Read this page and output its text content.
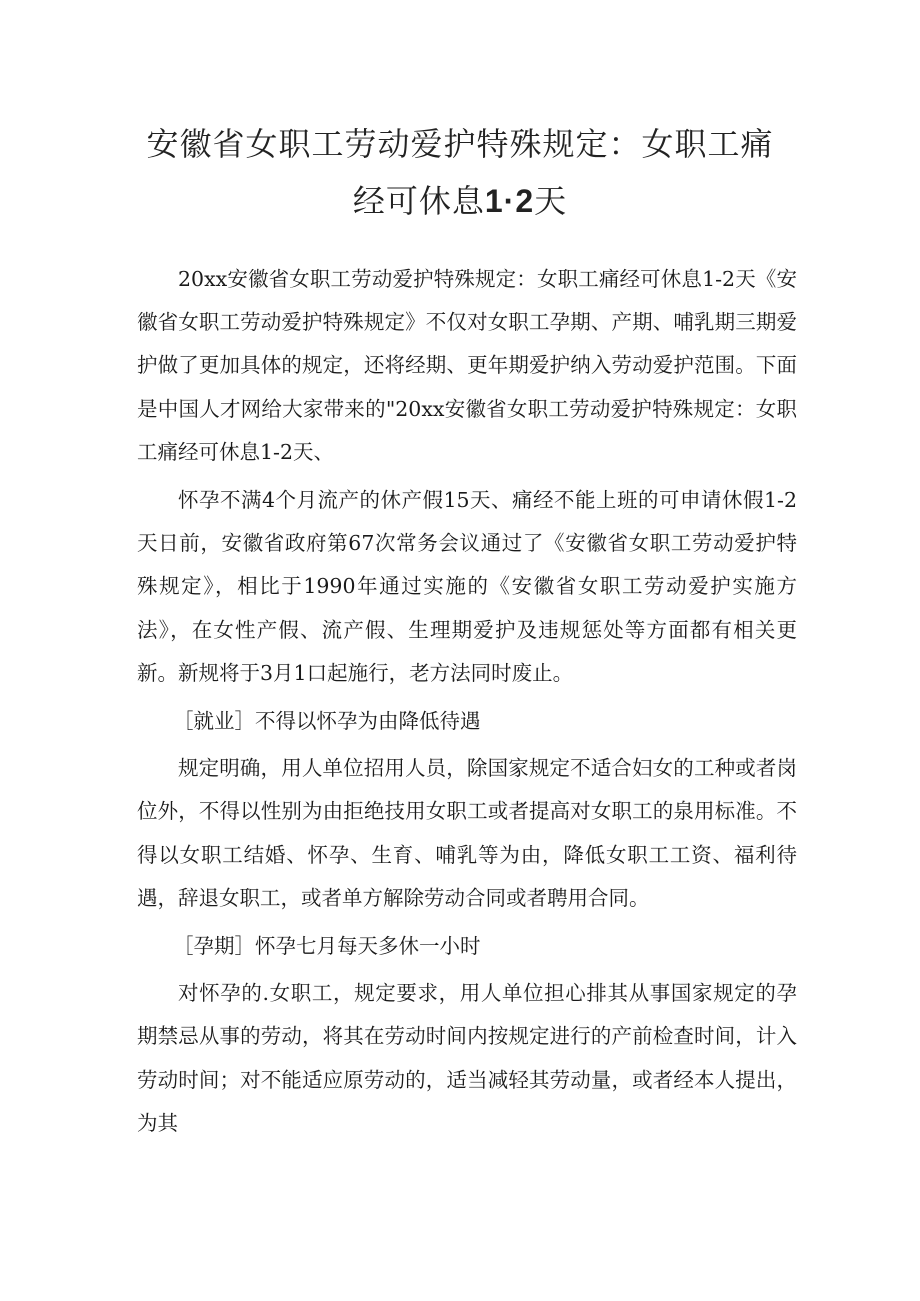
安徽省女职工劳动爱护特殊规定：女职工痛
经可休息1·2天

20xx安徽省女职工劳动爱护特殊规定：女职工痛经可休息1-2天《安徽省女职工劳动爱护特殊规定》不仅对女职工孕期、产期、哺乳期三期爱护做了更加具体的规定，还将经期、更年期爱护纳入劳动爱护范围。下面是中国人才网给大家带来的"20xx安徽省女职工劳动爱护特殊规定：女职工痛经可休息1-2天、

怀孕不满4个月流产的休产假15天、痛经不能上班的可申请休假1-2天日前，安徽省政府第67次常务会议通过了《安徽省女职工劳动爱护特殊规定》，相比于1990年通过实施的《安徽省女职工劳动爱护实施方法》，在女性产假、流产假、生理期爱护及违规惩处等方面都有相关更新。新规将于3月1口起施行，老方法同时废止。

［就业］不得以怀孕为由降低待遇

规定明确，用人单位招用人员，除国家规定不适合妇女的工种或者岗位外，不得以性别为由拒绝技用女职工或者提高对女职工的泉用标准。不得以女职工结婚、怀孕、生育、哺乳等为由，降低女职工工资、福利待遇，辞退女职工，或者单方解除劳动合同或者聘用合同。

［孕期］怀孕七月每天多休一小时

对怀孕的.女职工，规定要求，用人单位担心排其从事国家规定的孕期禁忌从事的劳动，将其在劳动时间内按规定进行的产前检查时间，计入劳动时间；对不能适应原劳动的，适当减轻其劳动量，或者经本人提出，为其
